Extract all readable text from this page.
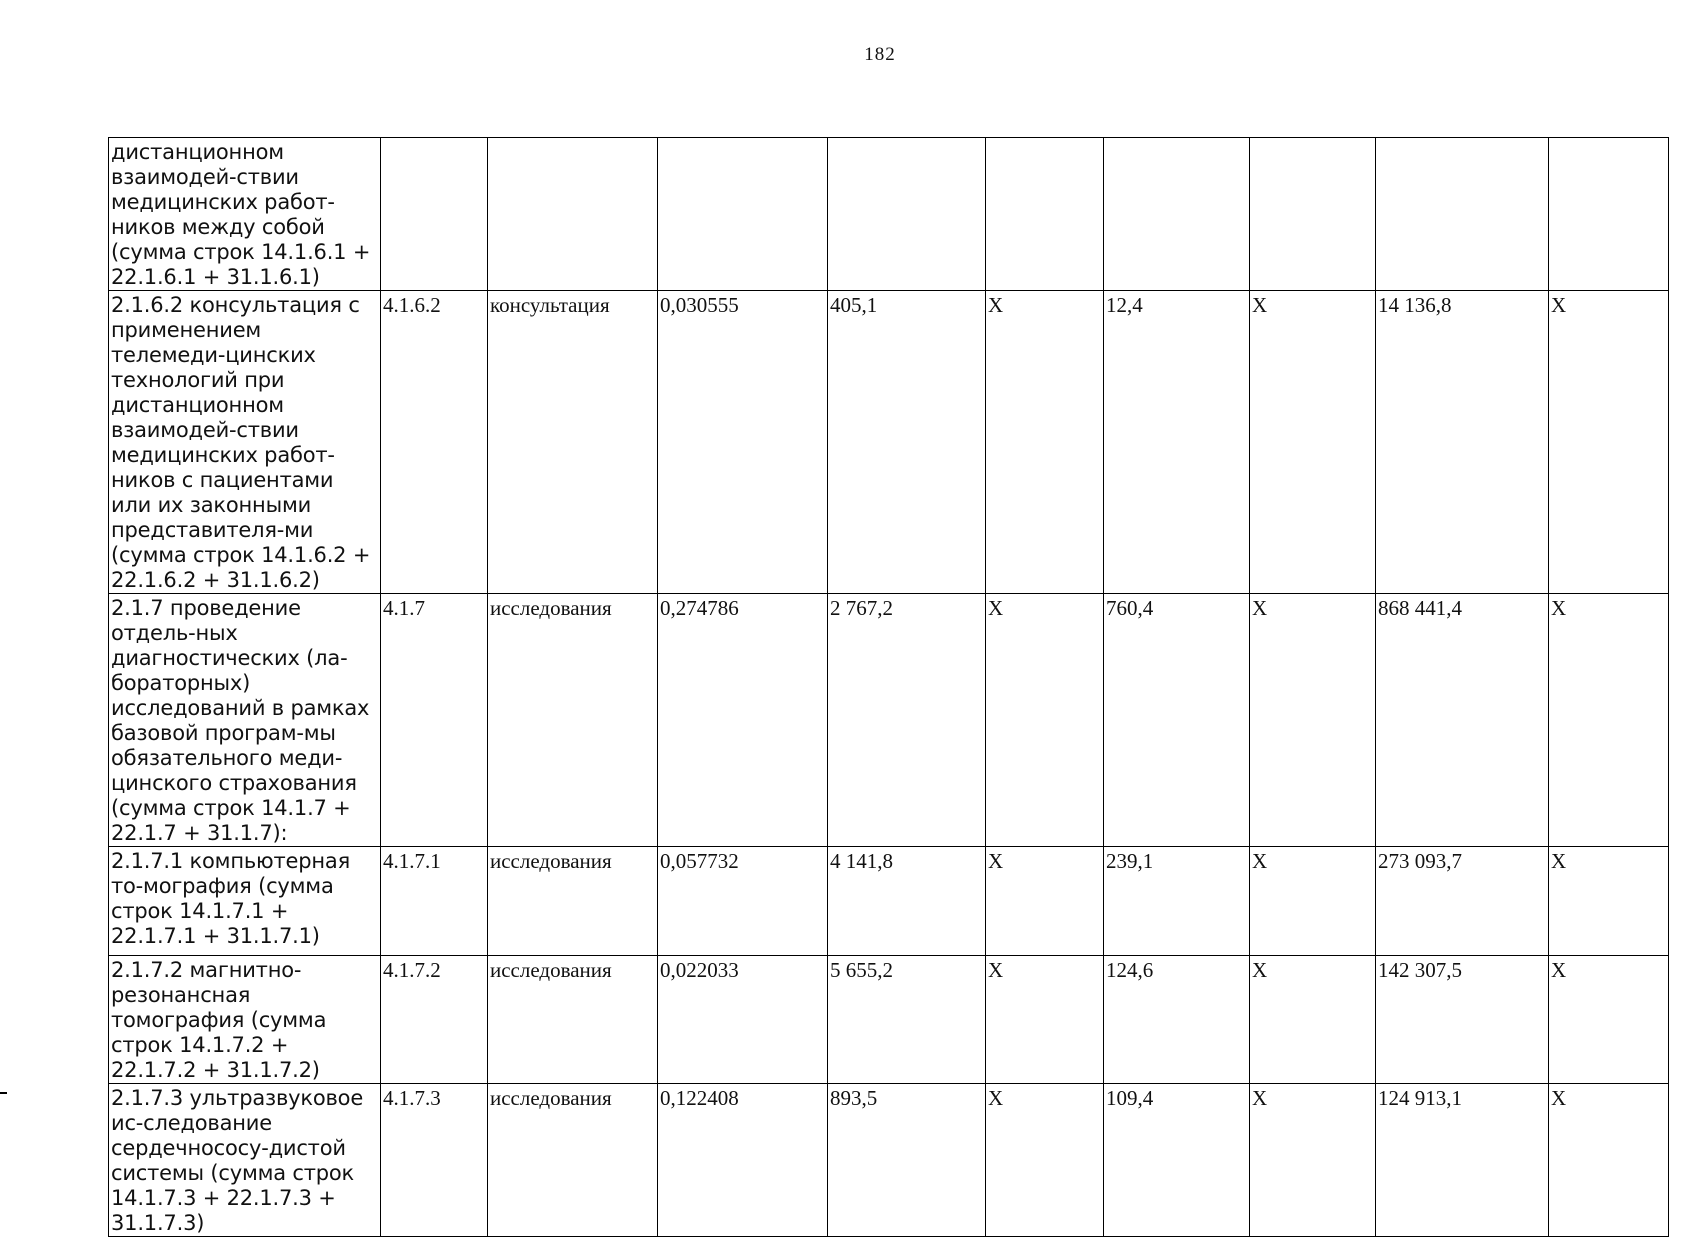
182
дистанционном взаимодей-ствии медицинских работ-ников между собой (сумма строк 14.1.6.1 + 22.1.6.1 + 31.1.6.1)									
2.1.6.2 консультация с применением телемеди-цинских технологий при дистанционном взаимодей-ствии медицинских работ-ников с пациентами или их законными представителя-ми (сумма строк 14.1.6.2 + 22.1.6.2 + 31.1.6.2)	4.1.6.2	консультация	0,030555	405,1	X	12,4	X	14 136,8	X
2.1.7 проведение отдель-ных диагностических (ла-бораторных) исследований в рамках базовой програм-мы обязательного меди-цинского страхования (сумма строк 14.1.7 + 22.1.7 + 31.1.7):	4.1.7	исследования	0,274786	2 767,2	X	760,4	X	868 441,4	X
2.1.7.1 компьютерная то-мография (сумма строк 14.1.7.1 + 22.1.7.1 + 31.1.7.1)	4.1.7.1	исследования	0,057732	4 141,8	X	239,1	X	273 093,7	X
2.1.7.2 магнитно-резонансная томография (сумма строк 14.1.7.2 + 22.1.7.2 + 31.1.7.2)	4.1.7.2	исследования	0,022033	5 655,2	X	124,6	X	142 307,5	X
2.1.7.3 ультразвуковое ис-следование сердечнососу-дистой системы (сумма строк 14.1.7.3 + 22.1.7.3 + 31.1.7.3)	4.1.7.3	исследования	0,122408	893,5	X	109,4	X	124 913,1	X
